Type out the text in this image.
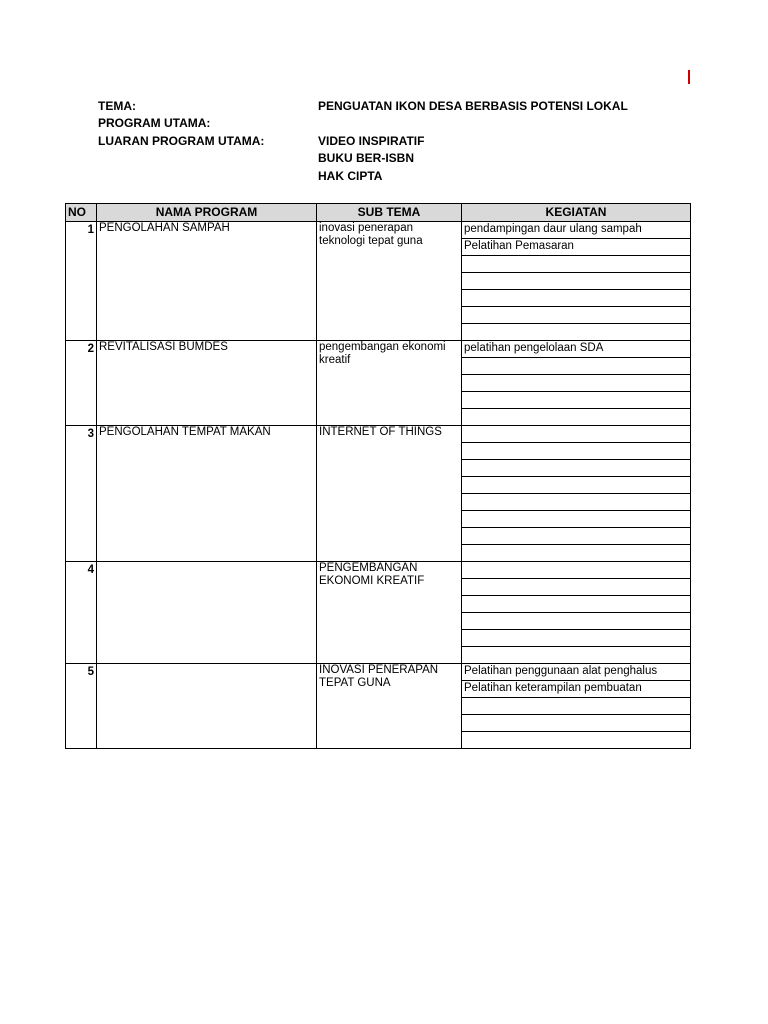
TEMA:	PENGUATAN IKON DESA BERBASIS POTENSI LOKAL
PROGRAM UTAMA:
LUARAN PROGRAM UTAMA:	VIDEO INSPIRATIF
BUKU BER-ISBN
HAK CIPTA
NO	NAMA PROGRAM	SUB TEMA	KEGIATAN
1	PENGOLAHAN SAMPAH	inovasi penerapan teknologi tepat guna	pendampingan daur ulang sampah
			Pelatihan Pemasaran

2	REVITALISASI BUMDES	pengembangan ekonomi kreatif	pelatihan pengelolaan SDA

3	PENGOLAHAN TEMPAT MAKAN	INTERNET OF THINGS	

4		PENGEMBANGAN EKONOMI KREATIF	

5		INOVASI PENERAPAN TEPAT GUNA	Pelatihan penggunaan alat penghalus
			Pelatihan keterampilan pembuatan
